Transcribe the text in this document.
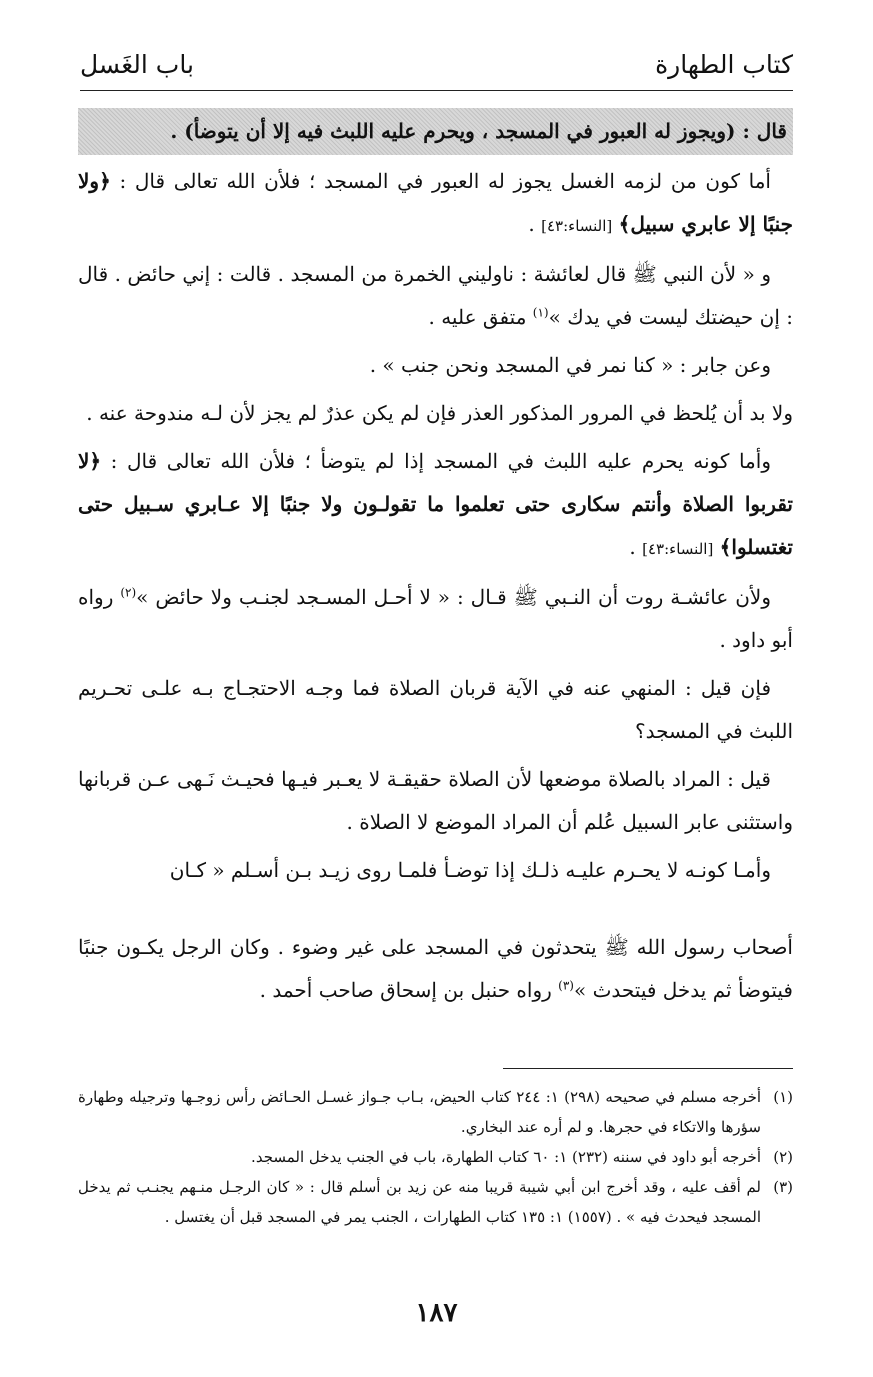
كتاب الطهارة
باب الغَسل

قال : (ويجوز له العبور في المسجد ، ويحرم عليه اللبث فيه إلا أن يتوضأ) .

أما كون من لزمه الغسل يجوز له العبور في المسجد ؛ فلأن الله تعالى قال : ﴿ولا جنبًا إلا عابري سبيل﴾ [النساء:٤٣] .

و « لأن النبي ﷺ قال لعائشة : ناوليني الخمرة من المسجد . قالت : إني حائض . قال : إن حيضتك ليست في يدك »$^{(١)}$ متفق عليه .

وعن جابر : « كنا نمر في المسجد ونحن جنب » .

ولا بد أن يُلحظ في المرور المذكور العذر فإن لم يكن عذرٌ لم يجز لأن لـه مندوحة عنه .

وأما كونه يحرم عليه اللبث في المسجد إذا لم يتوضأ ؛ فلأن الله تعالى قال : ﴿لا تقربوا الصلاة وأنتم سكارى حتى تعلموا ما تقولـون ولا جنبًا إلا عـابري سـبيل حتى تغتسلوا﴾ [النساء:٤٣] .

ولأن عائشـة روت أن النـبي ﷺ قـال : « لا أحـل المسـجد لجنـب ولا حائض »$^{(٢)}$ رواه أبو داود .

فإن قيل : المنهي عنه في الآية قربان الصلاة فما وجـه الاحتجـاج بـه علـى تحـريم اللبث في المسجد؟

قيل : المراد بالصلاة موضعها لأن الصلاة حقيقـة لا يعـبر فيـها فحيـث نَـهى عـن قربانها واستثنى عابر السبيل عُلم أن المراد الموضع لا الصلاة .

وأمـا كونـه لا يحـرم عليـه ذلـك إذا توضـأ فلمـا روى زيـد بـن أسـلم « كـان

أصحاب رسول الله ﷺ يتحدثون في المسجد على غير وضوء . وكان الرجل يكـون جنبًا فيتوضأ ثم يدخل فيتحدث »$^{(٣)}$ رواه حنبل بن إسحاق صاحب أحمد .

(١)
أخرجه مسلم في صحيحه (٢٩٨) ١: ٢٤٤ كتاب الحيض، بـاب جـواز غسـل الحـائض رأس زوجـها وترجيله وطهارة سؤرها والاتكاء في حجرها. و لم أره عند البخاري.

(٢)
أخرجه أبو داود في سننه (٢٣٢) ١: ٦٠ كتاب الطهارة، باب في الجنب يدخل المسجد.

(٣)
لم أقف عليه ، وقد أخرج ابن أبي شيبة قريبا منه عن زيد بن أسلم قال : « كان الرجـل منـهم يجنـب ثم يدخل المسجد فيحدث فيه » . (١٥٥٧) ١: ١٣٥ كتاب الطهارات ، الجنب يمر في المسجد قبل أن يغتسل .

١٨٧
